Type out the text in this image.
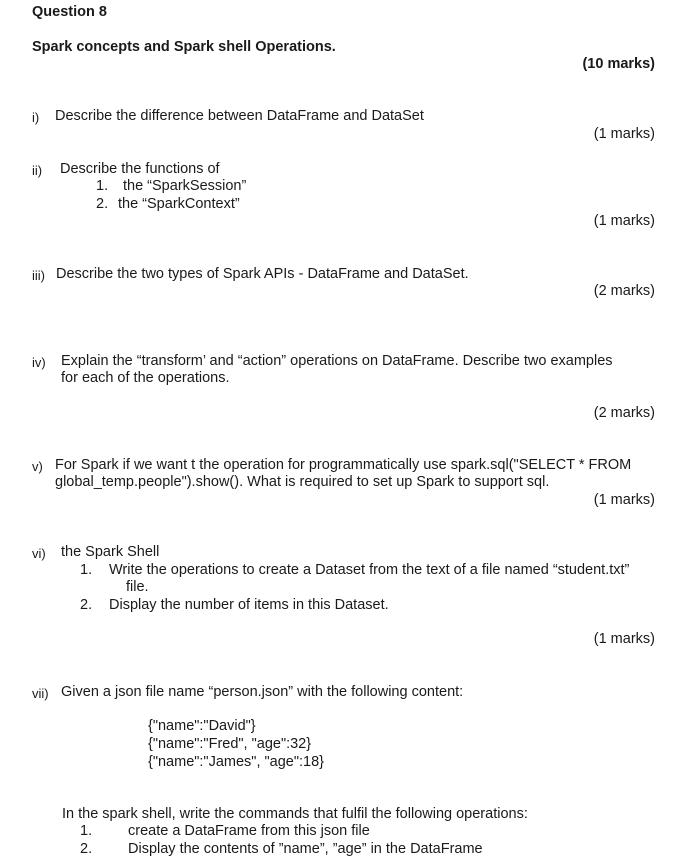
Question 8
Spark concepts and Spark shell Operations.
(10 marks)
i) Describe the difference between DataFrame and DataSet
(1 marks)
ii) Describe the functions of
1. the “SparkSession”
2. the “SparkContext”
(1 marks)
iii) Describe the two types of Spark APIs - DataFrame and DataSet.
(2 marks)
iv) Explain the “transform’ and “action” operations on DataFrame. Describe two examples
for each of the operations.
(2 marks)
v) For Spark if we want t the operation for programmatically use spark.sql("SELECT * FROM
global_temp.people").show(). What is required to set up Spark to support sql.
(1 marks)
vi) the Spark Shell
1. Write the operations to create a Dataset from the text of a file named “student.txt”
file.
2. Display the number of items in this Dataset.
(1 marks)
vii) Given a json file name “person.json” with the following content:
{"name":"David"}
{"name":"Fred", "age":32}
{"name":"James", "age":18}
In the spark shell, write the commands that fulfil the following operations:
1. create a DataFrame from this json file
2. Display the contents of ”name”, ”age” in the DataFrame
